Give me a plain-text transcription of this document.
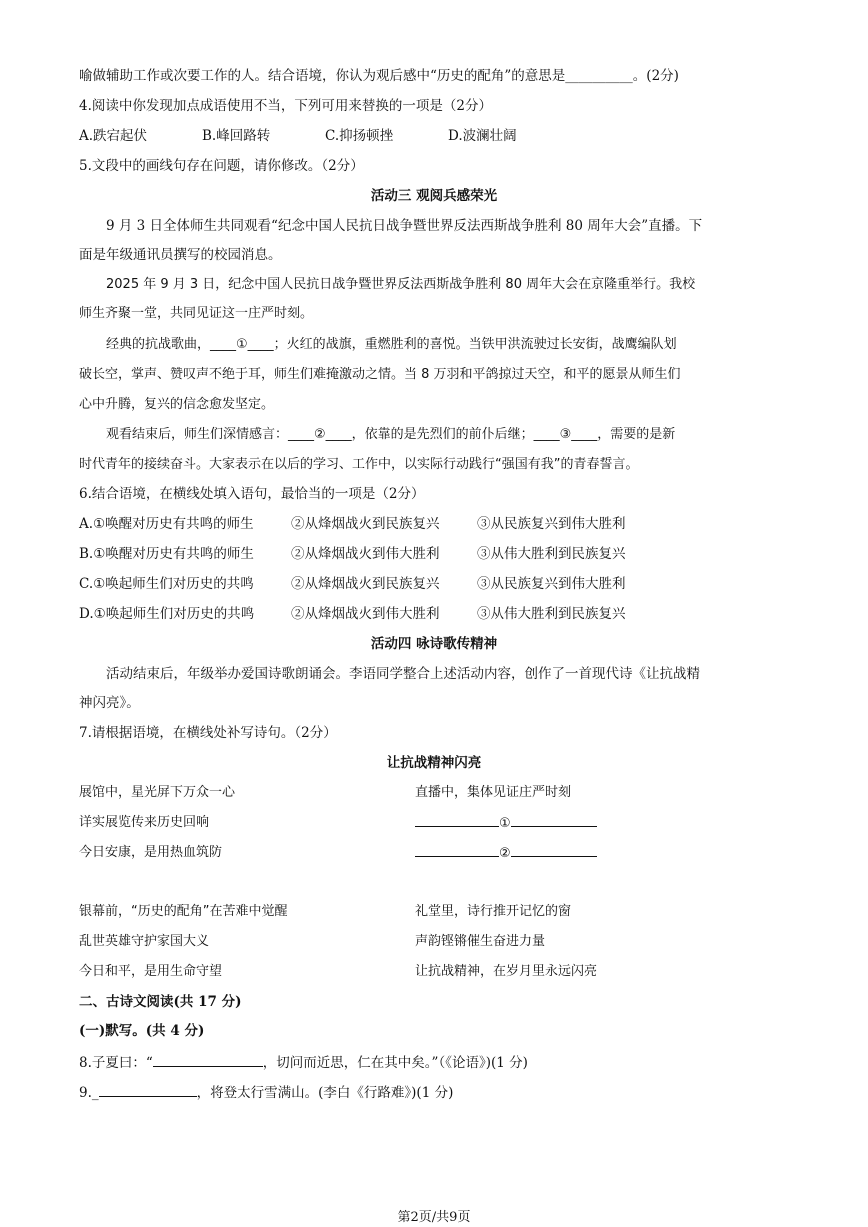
喻做辅助工作或次要工作的人。结合语境，你认为观后感中“历史的配角”的意思是__________。(2分)
4.阅读中你发现加点成语使用不当，下列可用来替换的一项是（2分）
A.跌宕起伏	B.峰回路转	C.抑扬顿挫	D.波澜壮阔
5.文段中的画线句存在问题，请你修改。（2分）
活动三 观阅兵感荣光
9 月 3 日全体师生共同观看“纪念中国人民抗日战争暨世界反法西斯战争胜利 80 周年大会”直播。下
面是年级通讯员撰写的校园消息。
2025 年 9 月 3 日，纪念中国人民抗日战争暨世界反法西斯战争胜利 80 周年大会在京隆重举行。我校
师生齐聚一堂，共同见证这一庄严时刻。
经典的抗战歌曲，____①____；火红的战旗，重燃胜利的喜悦。当铁甲洪流驶过长安街，战鹰编队划
破长空，掌声、赞叹声不绝于耳，师生们难掩激动之情。当 8 万羽和平鸽掠过天空，和平的愿景从师生们
心中升腾，复兴的信念愈发坚定。
观看结束后，师生们深情感言：____②____，依靠的是先烈们的前仆后继；____③____，需要的是新
时代青年的接续奋斗。大家表示在以后的学习、工作中，以实际行动践行“强国有我”的青春誓言。
6.结合语境，在横线处填入语句，最恰当的一项是（2分）
A.①唤醒对历史有共鸣的师生	②从烽烟战火到民族复兴	③从民族复兴到伟大胜利
B.①唤醒对历史有共鸣的师生	②从烽烟战火到伟大胜利	③从伟大胜利到民族复兴
C.①唤起师生们对历史的共鸣	②从烽烟战火到民族复兴	③从民族复兴到伟大胜利
D.①唤起师生们对历史的共鸣	②从烽烟战火到伟大胜利	③从伟大胜利到民族复兴
活动四 咏诗歌传精神
活动结束后，年级举办爱国诗歌朗诵会。李语同学整合上述活动内容，创作了一首现代诗《让抗战精
神闪亮》。
7.请根据语境，在横线处补写诗句。（2分）
让抗战精神闪亮
展馆中，星光屏下万众一心	直播中，集体见证庄严时刻
详实展览传来历史回响	①
今日安康，是用热血筑防	②
银幕前，“历史的配角”在苦难中觉醒	礼堂里，诗行推开记忆的窗
乱世英雄守护家国大义	声韵铿锵催生奋进力量
今日和平，是用生命守望	让抗战精神，在岁月里永远闪亮
二、古诗文阅读(共 17 分)
(一)默写。(共 4 分)
8.子夏曰：“	，切问而近思，仁在其中矣。”（《论语》)(1 分)
9._	，将登太行雪满山。(李白《行路难》)(1 分)
第2页/共9页
